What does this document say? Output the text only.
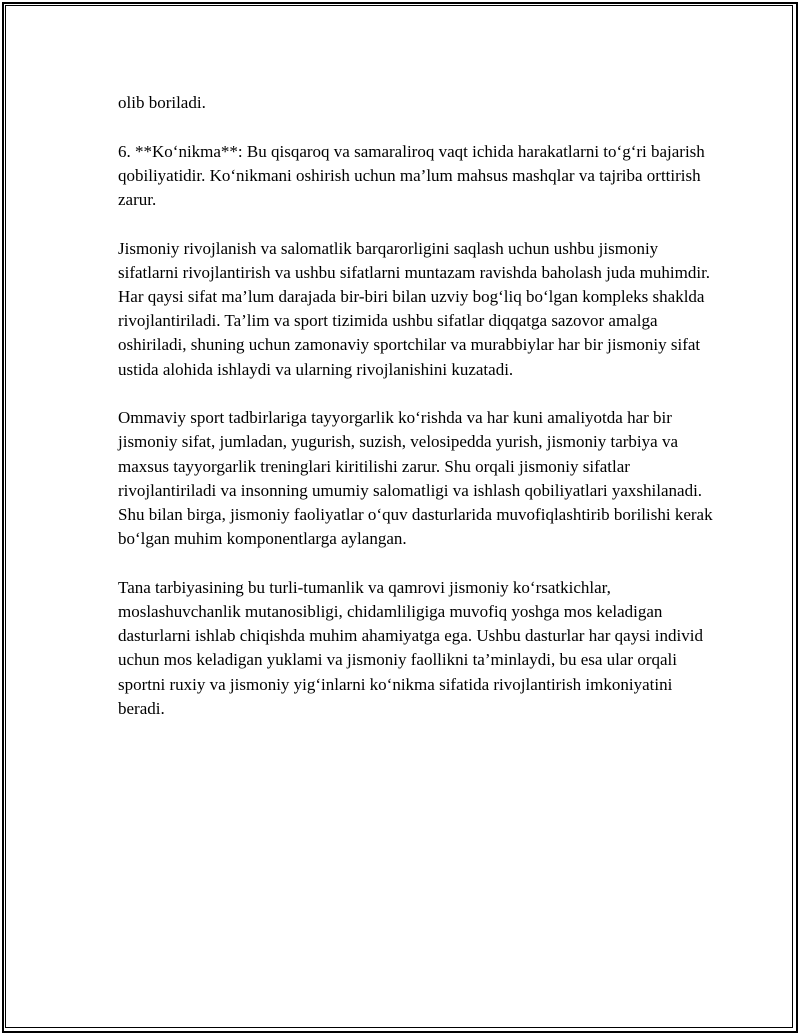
olib boriladi.

6. **Ko‘nikma**: Bu qisqaroq va samaraliroq vaqt ichida harakatlarni to‘g‘ri bajarish qobiliyatidir. Ko‘nikmani oshirish uchun ma’lum mahsus mashqlar va tajriba orttirish zarur.

Jismoniy rivojlanish va salomatlik barqarorligini saqlash uchun ushbu jismoniy sifatlarni rivojlantirish va ushbu sifatlarni muntazam ravishda baholash juda muhimdir. Har qaysi sifat ma’lum darajada bir-biri bilan uzviy bog‘liq bo‘lgan kompleks shaklda rivojlantiriladi. Ta’lim va sport tizimida ushbu sifatlar diqqatga sazovor amalga oshiriladi, shuning uchun zamonaviy sportchilar va murabbiylar har bir jismoniy sifat ustida alohida ishlaydi va ularning rivojlanishini kuzatadi.

Ommaviy sport tadbirlariga tayyorgarlik ko‘rishda va har kuni amaliyotda har bir jismoniy sifat, jumladan, yugurish, suzish, velosipedda yurish, jismoniy tarbiya va maxsus tayyorgarlik treninglari kiritilishi zarur. Shu orqali jismoniy sifatlar rivojlantiriladi va insonning umumiy salomatligi va ishlash qobiliyatlari yaxshilanadi. Shu bilan birga, jismoniy faoliyatlar o‘quv dasturlarida muvofiqlashtirib borilishi kerak bo‘lgan muhim komponentlarga aylangan.

Tana tarbiyasining bu turli-tumanlik va qamrovi jismoniy ko‘rsatkichlar, moslashuvchanlik mutanosibligi, chidamliligiga muvofiq yoshga mos keladigan dasturlarni ishlab chiqishda muhim ahamiyatga ega. Ushbu dasturlar har qaysi individ uchun mos keladigan yuklami va jismoniy faollikni ta’minlaydi, bu esa ular orqali sportni ruxiy va jismoniy yig‘inlarni ko‘nikma sifatida rivojlantirish imkoniyatini beradi.
